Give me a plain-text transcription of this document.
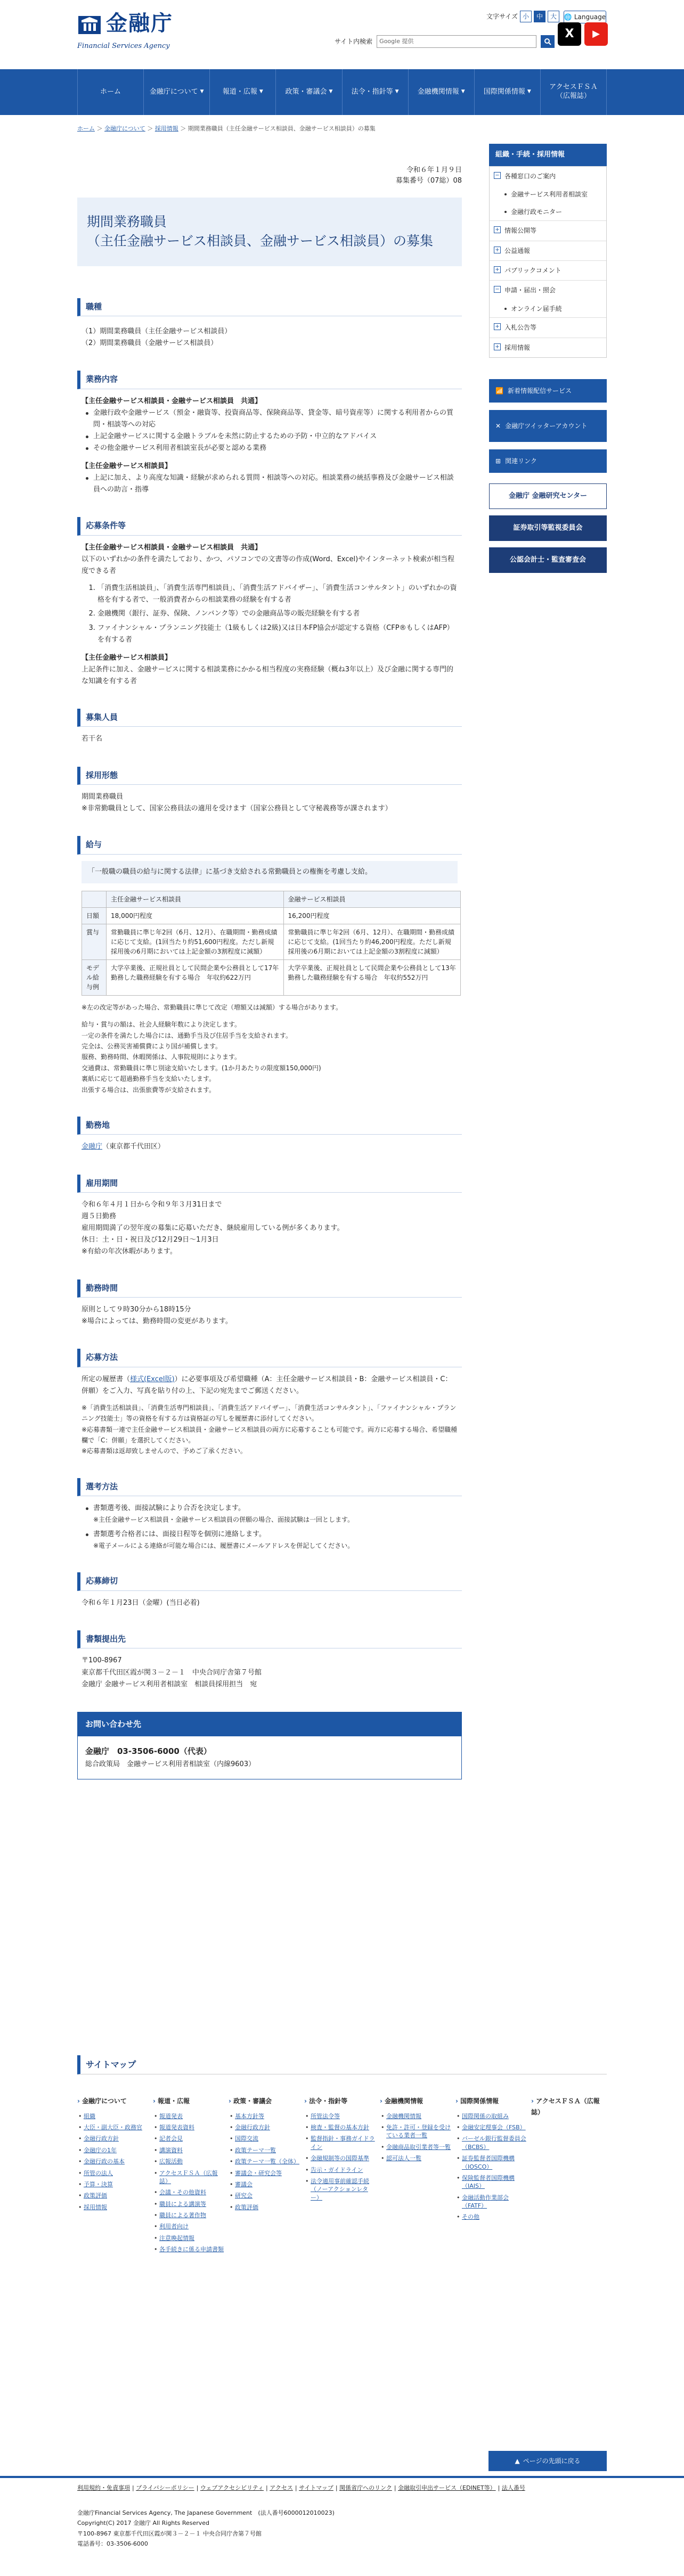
金融庁
Financial Services Agency
文字サイズ 小	中	大	🌐 Language
サイト内検索	Google 提供
X	▶
ホーム	金融庁について ▼	報道・広報 ▼	政策・審議会 ▼	法令・指針等 ▼	金融機関情報 ▼	国際関係情報 ▼
アクセスＦＳＡ（広報誌）
ホーム ＞ 金融庁について ＞ 採用情報 ＞ 期間業務職員（主任金融サービス相談員、金融サービス相談員）の募集
令和６年１月９日
募集番号（07総）08
期間業務職員
（主任金融サービス相談員、金融サービス相談員）の募集
職種
（1）期間業務職員（主任金融サービス相談員）
（2）期間業務職員（金融サービス相談員）
業務内容
【主任金融サービス相談員・金融サービス相談員　共通】
金融行政や金融サービス（預金・融資等、投資商品等、保険商品等、貸金等、暗号資産等）に関する利用者からの質問・相談等への対応
上記金融サービスに関する金融トラブルを未然に防止するための予防・中立的なアドバイス
その他金融サービス利用者相談室長が必要と認める業務
【主任金融サービス相談員】
上記に加え、より高度な知識・経験が求められる質問・相談等への対応。相談業務の統括事務及び金融サービス相談員への助言・指導
応募条件等
【主任金融サービス相談員・金融サービス相談員　共通】
以下のいずれかの条件を満たしており、かつ、パソコンでの文書等の作成(Word、Excel)やインターネット検索が相当程度できる者
1. 「消費生活相談員」、「消費生活専門相談員」、「消費生活アドバイザー」、「消費生活コンサルタント」のいずれかの資格を有する者で、一般消費者からの相談業務の経験を有する者
2. 金融機関（銀行、証券、保険、ノンバンク等）での金融商品等の販売経験を有する者
3. ファイナンシャル・プランニング技能士（1級もしくは2級)又は日本FP協会が認定する資格（CFP®もしくはAFP）を有する者
【主任金融サービス相談員】
上記条件に加え、金融サービスに関する相談業務にかかる相当程度の実務経験（概ね3年以上）及び金融に関する専門的な知識を有する者
募集人員
若干名
採用形態
期間業務職員
※非常勤職員として、国家公務員法の適用を受けます（国家公務員として守秘義務等が課されます）
給与
「一般職の職員の給与に関する法律」に基づき支給される常勤職員との権衡を考慮し支給。
	主任金融サービス相談員	金融サービス相談員
日額	18,000円程度	16,200円程度
賞与	常勤職員に準じ年2回（6月、12月）、在職期間・勤務成績に応じて支給。(1回当たり約51,600円程度。ただし新規採用後の6月期においては上記金額の3割程度に減額）	常勤職員に準じ年2回（6月、12月）、在職期間・勤務成績に応じて支給。(1回当たり約46,200円程度。ただし新規採用後の6月期においては上記金額の3割程度に減額）
モデル給与例	大学卒業後、正規社員として民間企業や公務員として17年勤務した職務経験を有する場合　年収約622万円	大学卒業後、正規社員として民間企業や公務員として13年勤務した職務経験を有する場合　年収約552万円
※左の改定等があった場合、常勤職員に準じて改定（増額又は減額）する場合があります。
給与・賞与の額は、社会人経験年数により決定します。
一定の条件を満たした場合には、通勤手当及び住居手当を支給されます。
完全は、公務災害補償費により国が補償します。
服務、勤務時間、休暇関係は、人事院規則によります。
交通費は、常勤職員に準じ別途支給いたします。(1か月あたりの限度額150,000円)
裏紙に応じて超過勤務手当を支給いたします。
出張する場合は、出張旅費等が支給されます。
勤務地
金融庁（東京都千代田区）
雇用期間
令和６年４月１日から令和９年３月31日まで
週５日勤務
雇用期間満了の翌年度の募集に応募いただき、継続雇用している例が多くあります。
休日：土・日・祝日及び12月29日～1月3日
※有給の年次休暇があります。
勤務時間
原則として９時30分から18時15分
※場合によっては、勤務時間の変更があります。
応募方法
所定の履歴書（様式(Excel版)）に必要事項及び希望職種（A：主任金融サービス相談員・B：金融サービス相談員・C：併願）をご入力、写真を貼り付の上、下記の宛先までご郵送ください。
※「消費生活相談員」、「消費生活専門相談員」、「消費生活アドバイザー」、「消費生活コンサルタント」、「ファイナンシャル・プランニング技能士」等の資格を有する方は資格証の写しを履歴書に添付してください。
※応募書類一連で主任金融サービス相談員・金融サービス相談員の両方に応募することも可能です。両方に応募する場合、希望職種欄で「C：併願」を選択してください。
※応募書類は返却致しませんので、予めご了承ください。
選考方法
書類選考後、面接試験により合否を決定します。
※主任金融サービス相談員・金融サービス相談員の併願の場合、面接試験は一回とします。
書類選考合格者には、面接日程等を個別に連絡します。
※電子メールによる連絡が可能な場合には、履歴書にメールアドレスを併記してください。
応募締切
令和６年１月23日（金曜）(当日必着)
書類提出先
〒100-8967
東京都千代田区霞が関３－２－１　中央合同庁舎第７号館
金融庁 金融サービス利用者相談室　相談員採用担当　宛
お問い合わせ先
金融庁　03-3506-6000（代表）
総合政策局　金融サービス利用者相談室（内線9603）
組織・手続・採用情報
− 各種窓口のご案内
金融サービス利用者相談室
金融行政モニター
+ 情報公開等
+ 公益通報
+ パブリックコメント
− 申請・届出・照会
オンライン届手続
+ 入札公告等
+ 採用情報
📶 新着情報配信サービス
✕ 金融庁ツイッターアカウント
⊞ 関連リンク
金融庁 金融研究センター
証券取引等監視委員会
公認会計士・監査審査会
サイトマップ
› 金融庁について
• 組織
• 大臣・副大臣・政務官
• 金融行政方針
• 金融庁の1年
• 金融行政の基本
• 所管の法人
• 予算・決算
• 政策評価
• 採用情報
› 報道・広報
• 報道発表
• 報道発表資料
• 記者会見
• 講演資料
• 広報活動
• アクセスＦＳＡ（広報誌）
• 会議・その他資料
• 職員による講演等
• 職員による著作物
• 利用者向け
• 注意喚起情報
• 各手続きに係る申請書類
› 政策・審議会
• 基本方針等
• 金融行政方針
• 国際交流
• 政策テーマ一覧
• 政策テーマ一覧（全体）
• 審議会・研究会等
• 審議会
• 研究会
• 政策評価
› 法令・指針等
• 所管法令等
• 検査・監督の基本方針
• 監督指針・事務ガイドライン
• 金融規制等の国際基準
• 告示・ガイドライン
• 法令適用事前確認手続（ノーアクションレター）
› 金融機関情報
• 金融機関情報
• 免許・許可・登録を受けている業者一覧
• 金融商品取引業者等一覧
• 認可法人一覧
› 国際関係情報
• 国際関係の取組み
• 金融安定理事会（FSB）
• バーゼル銀行監督委員会（BCBS）
• 証券監督者国際機構（IOSCO）
• 保険監督者国際機構（IAIS）
• 金融活動作業部会（FATF）
• その他
› アクセスＦＳＡ（広報誌）
▲ ページの先頭に戻る
利用規約・免責事項 | プライバシーポリシー | ウェブアクセシビリティ | アクセス | サイトマップ | 関係省庁へのリンク | 金融取引申出サービス（EDINET等） | 法人番号
金融庁Financial Services Agency, The Japanese Government　(法人番号6000012010023)
Copyright(C) 2017 金融庁 All Rights Reserved
〒100-8967 東京都千代田区霞が関３－２－１ 中央合同庁舎第７号館
電話番号：03-3506-6000
